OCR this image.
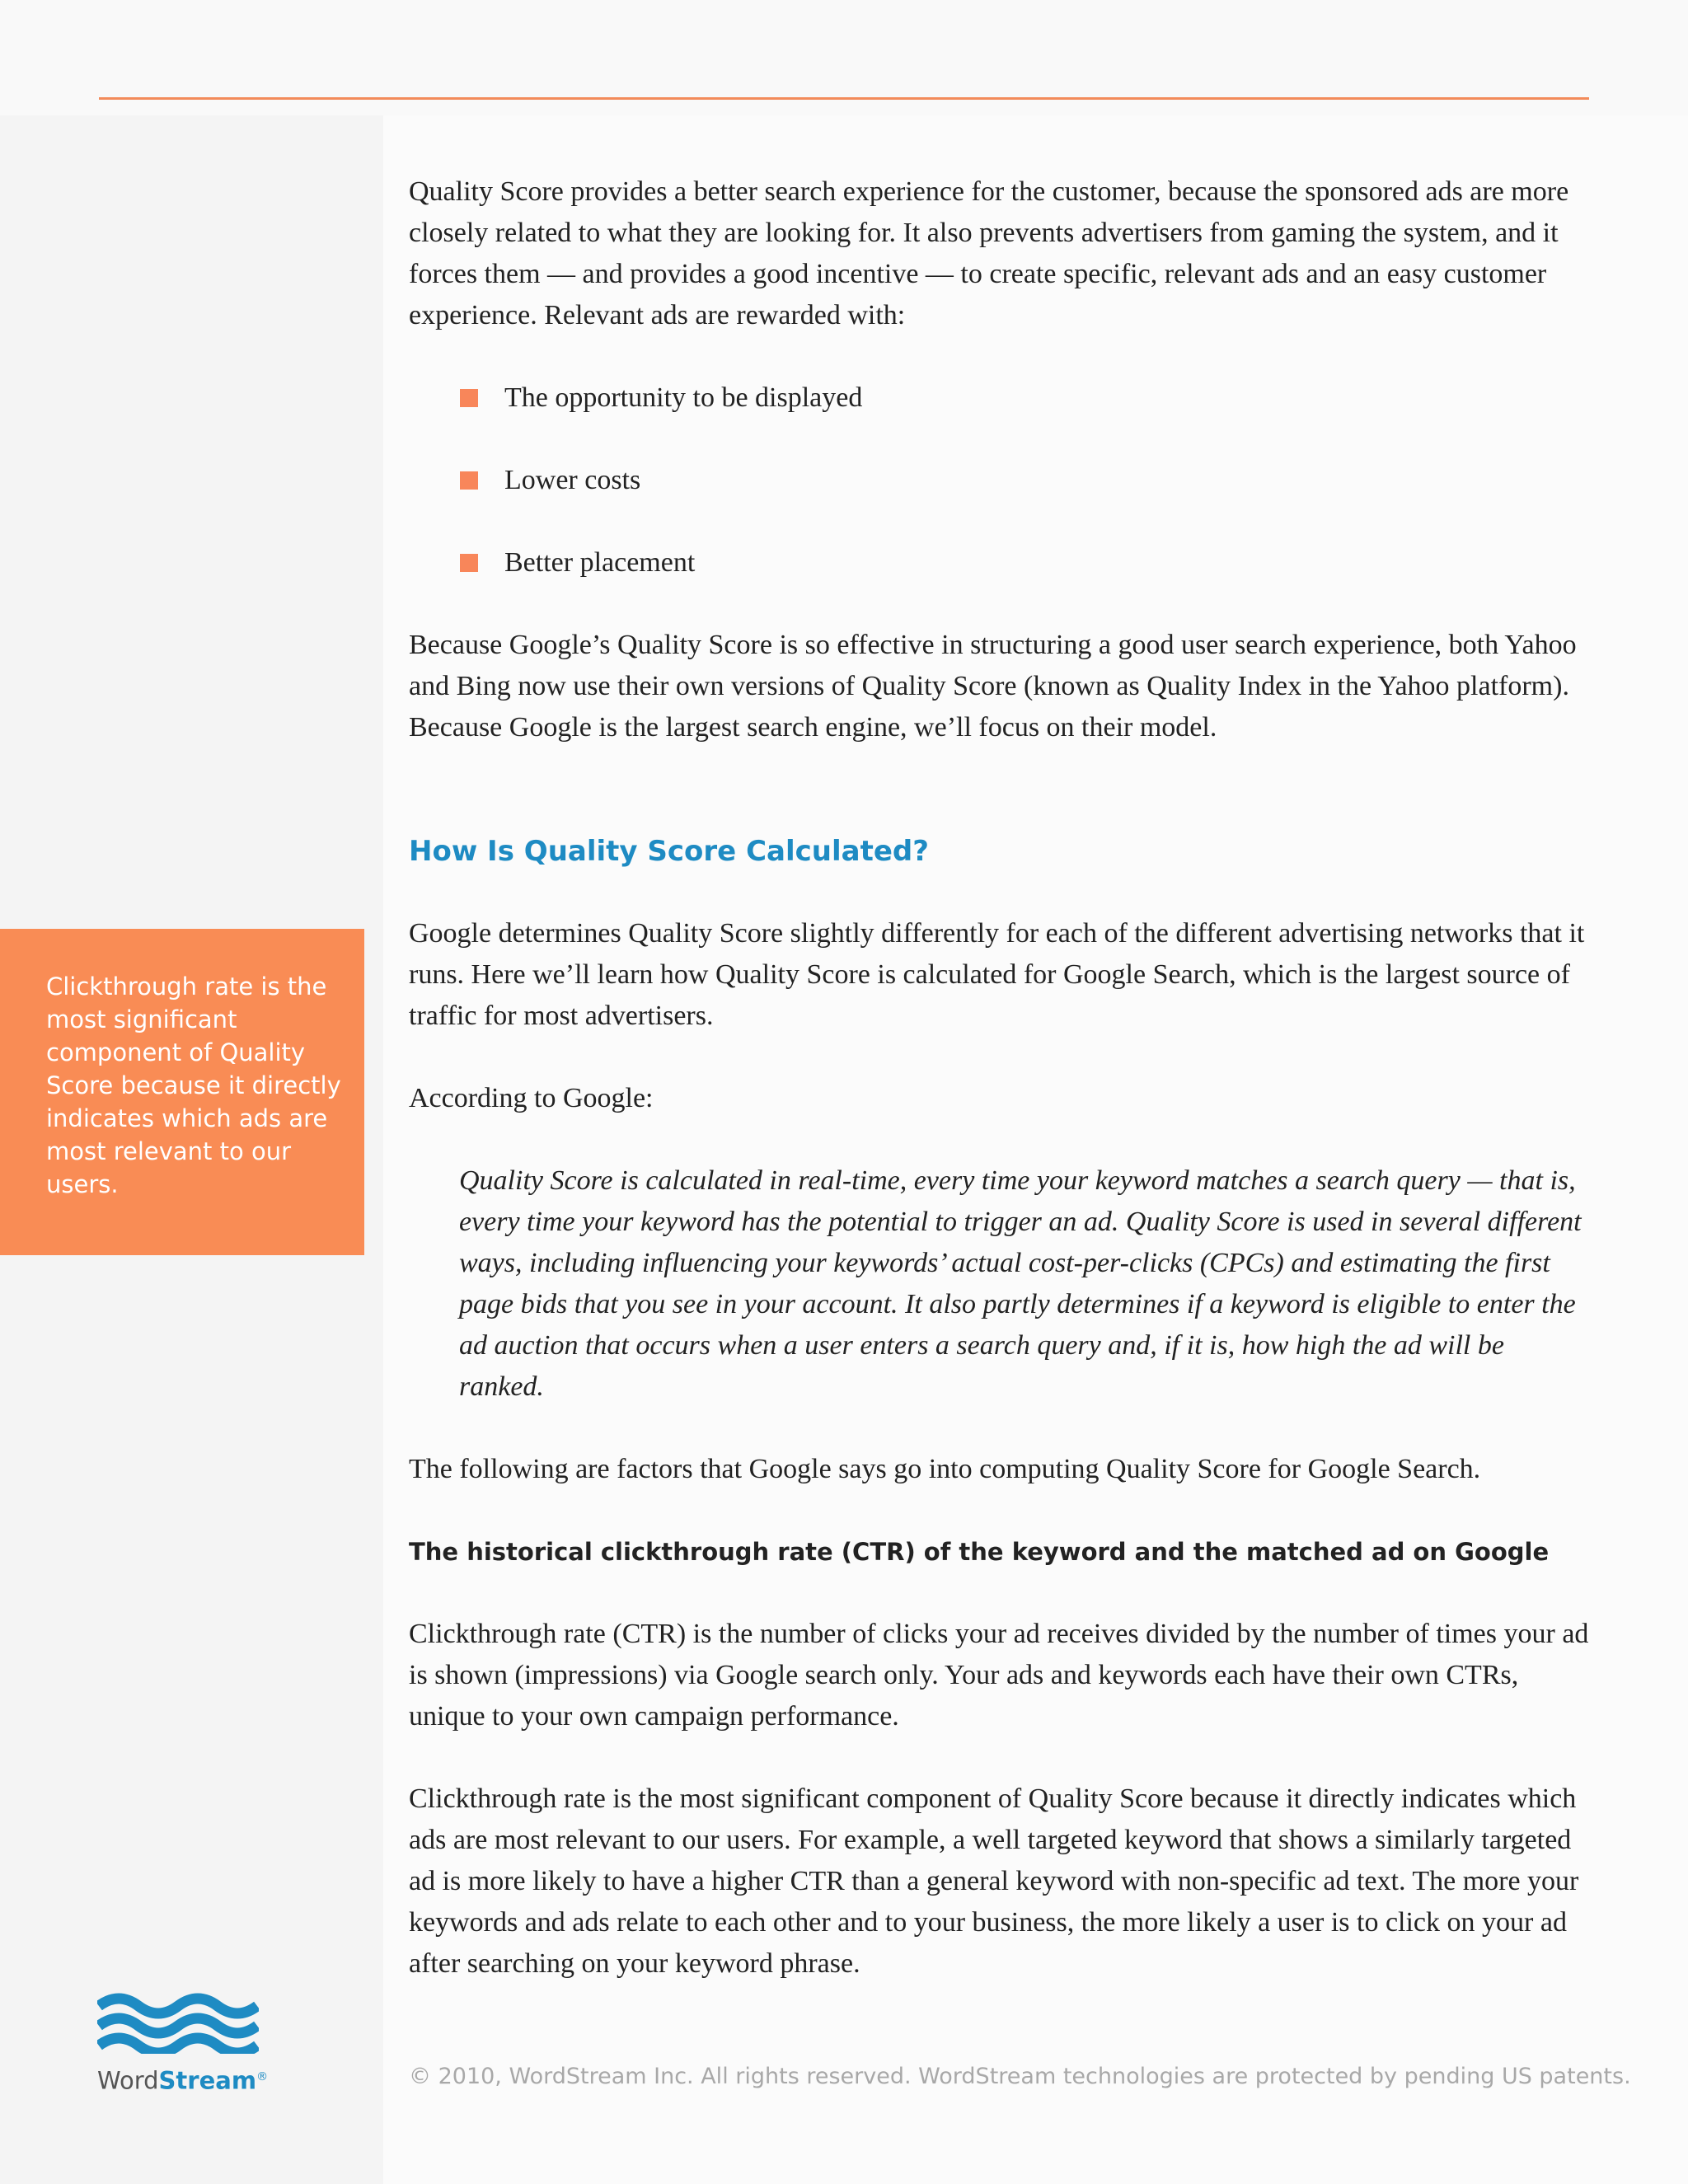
Quality Score provides a better search experience for the customer, because the sponsored ads are more closely related to what they are looking for. It also prevents advertisers from gaming the system, and it forces them — and provides a good incentive — to create specific, relevant ads and an easy customer experience. Relevant ads are rewarded with:

The opportunity to be displayed
Lower costs
Better placement

Because Google’s Quality Score is so effective in structuring a good user search experience, both Yahoo and Bing now use their own versions of Quality Score (known as Quality Index in the Yahoo platform). Because Google is the largest search engine, we’ll focus on their model.

How Is Quality Score Calculated?

Google determines Quality Score slightly differently for each of the different advertising networks that it runs. Here we’ll learn how Quality Score is calculated for Google Search, which is the largest source of traffic for most advertisers.

According to Google:

Quality Score is calculated in real-time, every time your keyword matches a search query — that is, every time your keyword has the potential to trigger an ad. Quality Score is used in several different ways, including influencing your keywords’ actual cost-per-clicks (CPCs) and estimating the first page bids that you see in your account. It also partly determines if a keyword is eligible to enter the ad auction that occurs when a user enters a search query and, if it is, how high the ad will be ranked.

The following are factors that Google says go into computing Quality Score for Google Search.

The historical clickthrough rate (CTR) of the keyword and the matched ad on Google

Clickthrough rate (CTR) is the number of clicks your ad receives divided by the number of times your ad is shown (impressions) via Google search only. Your ads and keywords each have their own CTRs, unique to your own campaign performance.

Clickthrough rate is the most significant component of Quality Score because it directly indicates which ads are most relevant to our users. For example, a well targeted keyword that shows a similarly targeted ad is more likely to have a higher CTR than a general keyword with non-specific ad text. The more your keywords and ads relate to each other and to your business, the more likely a user is to click on your ad after searching on your keyword phrase.

Clickthrough rate is the most significant component of Quality Score because it directly indicates which ads are most relevant to our users.
WordStream®	© 2010, WordStream Inc. All rights reserved. WordStream technologies are protected by pending US patents.
